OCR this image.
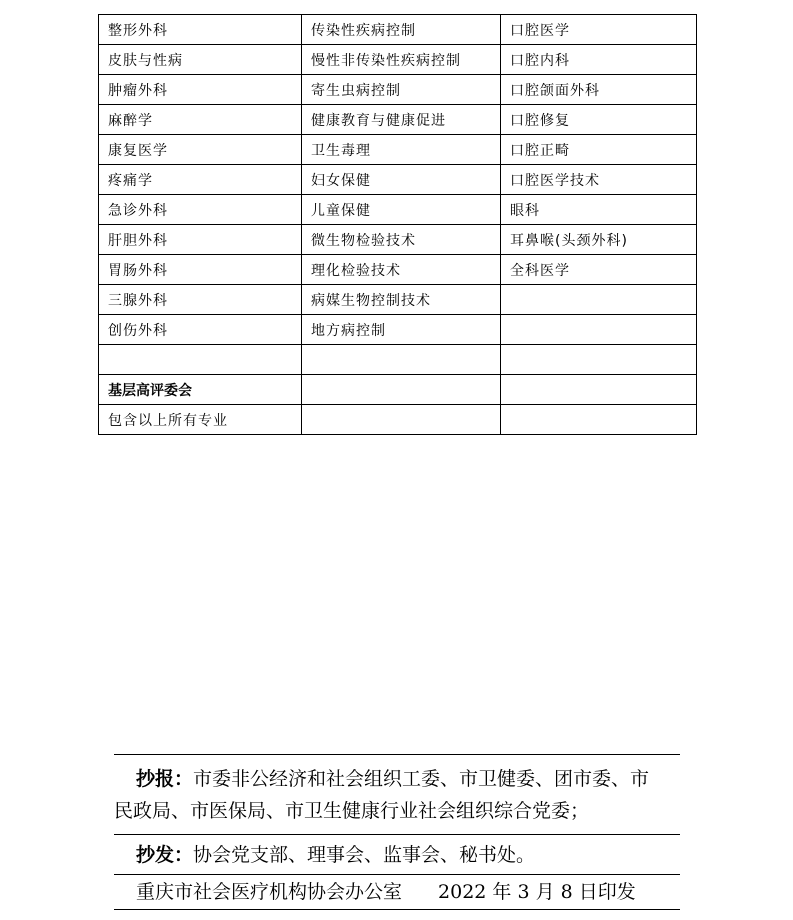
整形外科	传染性疾病控制	口腔医学
皮肤与性病	慢性非传染性疾病控制	口腔内科
肿瘤外科	寄生虫病控制	口腔颌面外科
麻醉学	健康教育与健康促进	口腔修复
康复医学	卫生毒理	口腔正畸
疼痛学	妇女保健	口腔医学技术
急诊外科	儿童保健	眼科
肝胆外科	微生物检验技术	耳鼻喉(头颈外科)
胃肠外科	理化检验技术	全科医学
三腺外科	病媒生物控制技术	
创伤外科	地方病控制	

基层高评委会		
包含以上所有专业		
抄报：市委非公经济和社会组织工委、市卫健委、团市委、市
民政局、市医保局、市卫生健康行业社会组织综合党委；
抄发：协会党支部、理事会、监事会、秘书处。
重庆市社会医疗机构协会办公室 2022 年 3 月 8 日印发
